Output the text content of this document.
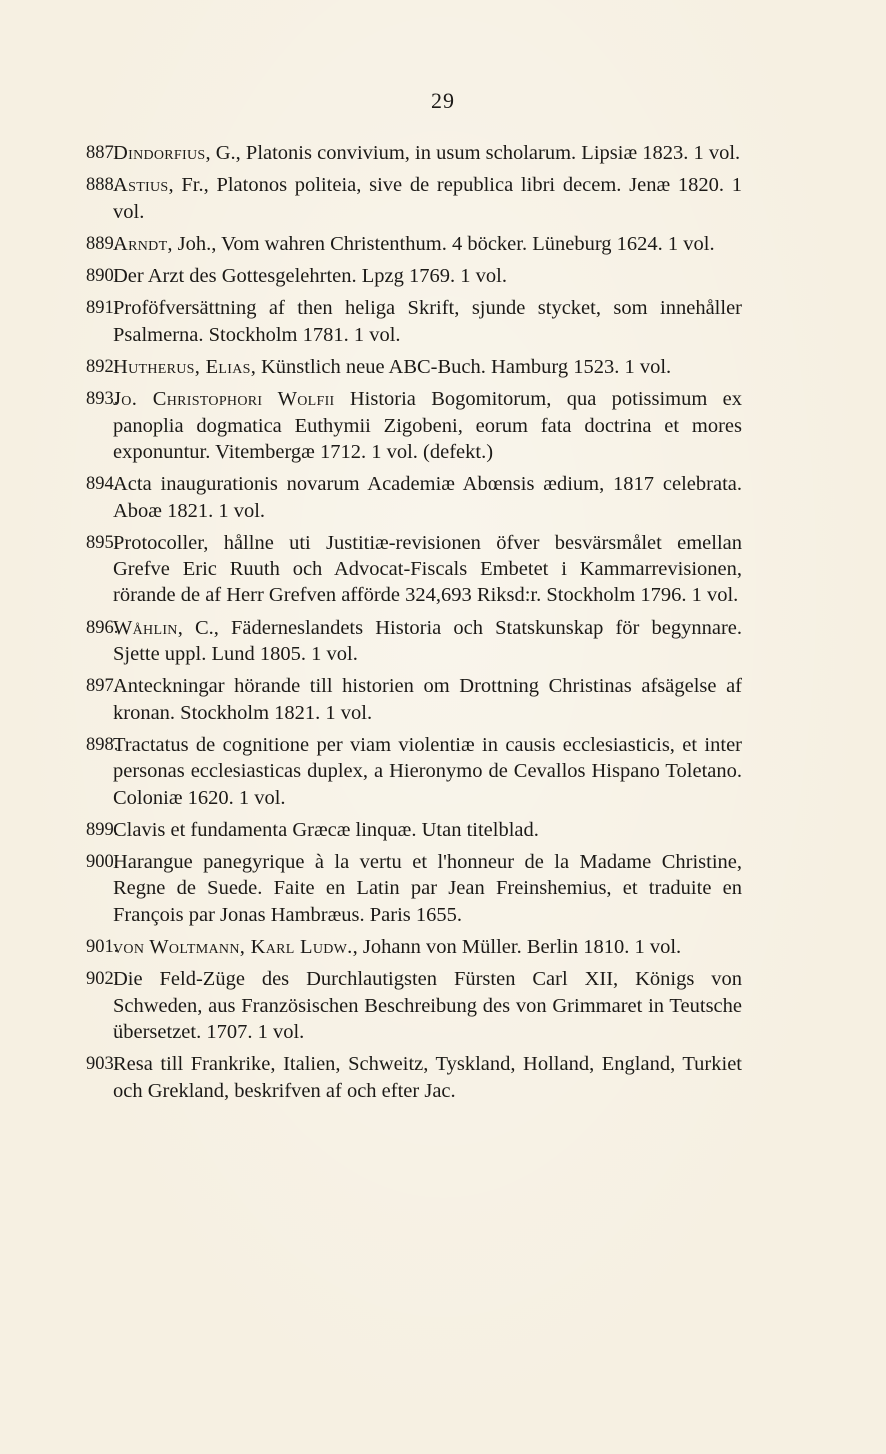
29
887.
Dindorfius, G., Platonis convivium, in usum scholarum. Lipsiæ 1823. 1 vol.
888.
Astius, Fr., Platonos politeia, sive de republica libri decem. Jenæ 1820. 1 vol.
889.
Arndt, Joh., Vom wahren Christenthum. 4 böcker. Lüneburg 1624. 1 vol.
890.
Der Arzt des Gottesgelehrten. Lpzg 1769. 1 vol.
891.
Proföfversättning af then heliga Skrift, sjunde stycket, som innehåller Psalmerna. Stockholm 1781. 1 vol.
892.
Hutherus, Elias, Künstlich neue ABC-Buch. Hamburg 1523. 1 vol.
893.
Jo. Christophori Wolfii Historia Bogomitorum, qua potissimum ex panoplia dogmatica Euthymii Zigobeni, eorum fata doctrina et mores exponuntur. Vitembergæ 1712. 1 vol. (defekt.)
894.
Acta inaugurationis novarum Academiæ Abœnsis ædium, 1817 celebrata. Aboæ 1821. 1 vol.
895.
Protocoller, hållne uti Justitiæ-revisionen öfver besvärsmålet emellan Grefve Eric Ruuth och Advocat-Fiscals Embetet i Kammarrevisionen, rörande de af Herr Grefven afförde 324,693 Riksd:r. Stockholm 1796. 1 vol.
896.
Wåhlin, C., Fäderneslandets Historia och Statskunskap för begynnare. Sjette uppl. Lund 1805. 1 vol.
897.
Anteckningar hörande till historien om Drottning Christinas afsägelse af kronan. Stockholm 1821. 1 vol.
898.
Tractatus de cognitione per viam violentiæ in causis ecclesiasticis, et inter personas ecclesiasticas duplex, a Hieronymo de Cevallos Hispano Toletano. Coloniæ 1620. 1 vol.
899.
Clavis et fundamenta Græcæ linquæ. Utan titelblad.
900.
Harangue panegyrique à la vertu et l'honneur de la Madame Christine, Regne de Suede. Faite en Latin par Jean Freinshemius, et traduite en François par Jonas Hambræus. Paris 1655.
901.
von Woltmann, Karl Ludw., Johann von Müller. Berlin 1810. 1 vol.
902.
Die Feld-Züge des Durchlautigsten Fürsten Carl XII, Königs von Schweden, aus Französischen Beschreibung des von Grimmaret in Teutsche übersetzet. 1707. 1 vol.
903.
Resa till Frankrike, Italien, Schweitz, Tyskland, Holland, England, Turkiet och Grekland, beskrifven af och efter Jac.
